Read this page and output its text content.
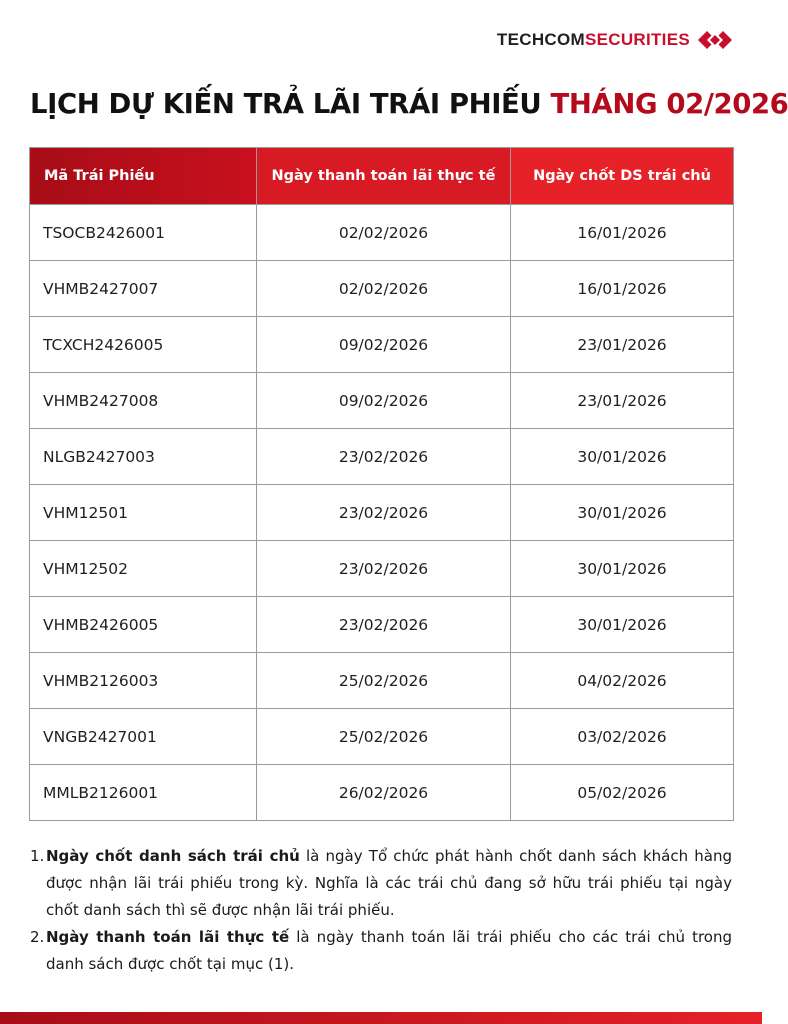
TECHCOMSECURITIES
LỊCH DỰ KIẾN TRẢ LÃI TRÁI PHIẾU THÁNG 02/2026
Mã Trái Phiếu	Ngày thanh toán lãi thực tế	Ngày chốt DS trái chủ
TSOCB2426001	02/02/2026	16/01/2026
VHMB2427007	02/02/2026	16/01/2026
TCXCH2426005	09/02/2026	23/01/2026
VHMB2427008	09/02/2026	23/01/2026
NLGB2427003	23/02/2026	30/01/2026
VHM12501	23/02/2026	30/01/2026
VHM12502	23/02/2026	30/01/2026
VHMB2426005	23/02/2026	30/01/2026
VHMB2126003	25/02/2026	04/02/2026
VNGB2427001	25/02/2026	03/02/2026
MMLB2126001	26/02/2026	05/02/2026
1. Ngày chốt danh sách trái chủ là ngày Tổ chức phát hành chốt danh sách khách hàng được nhận lãi trái phiếu trong kỳ. Nghĩa là các trái chủ đang sở hữu trái phiếu tại ngày chốt danh sách thì sẽ được nhận lãi trái phiếu.
2. Ngày thanh toán lãi thực tế là ngày thanh toán lãi trái phiếu cho các trái chủ trong danh sách được chốt tại mục (1).
